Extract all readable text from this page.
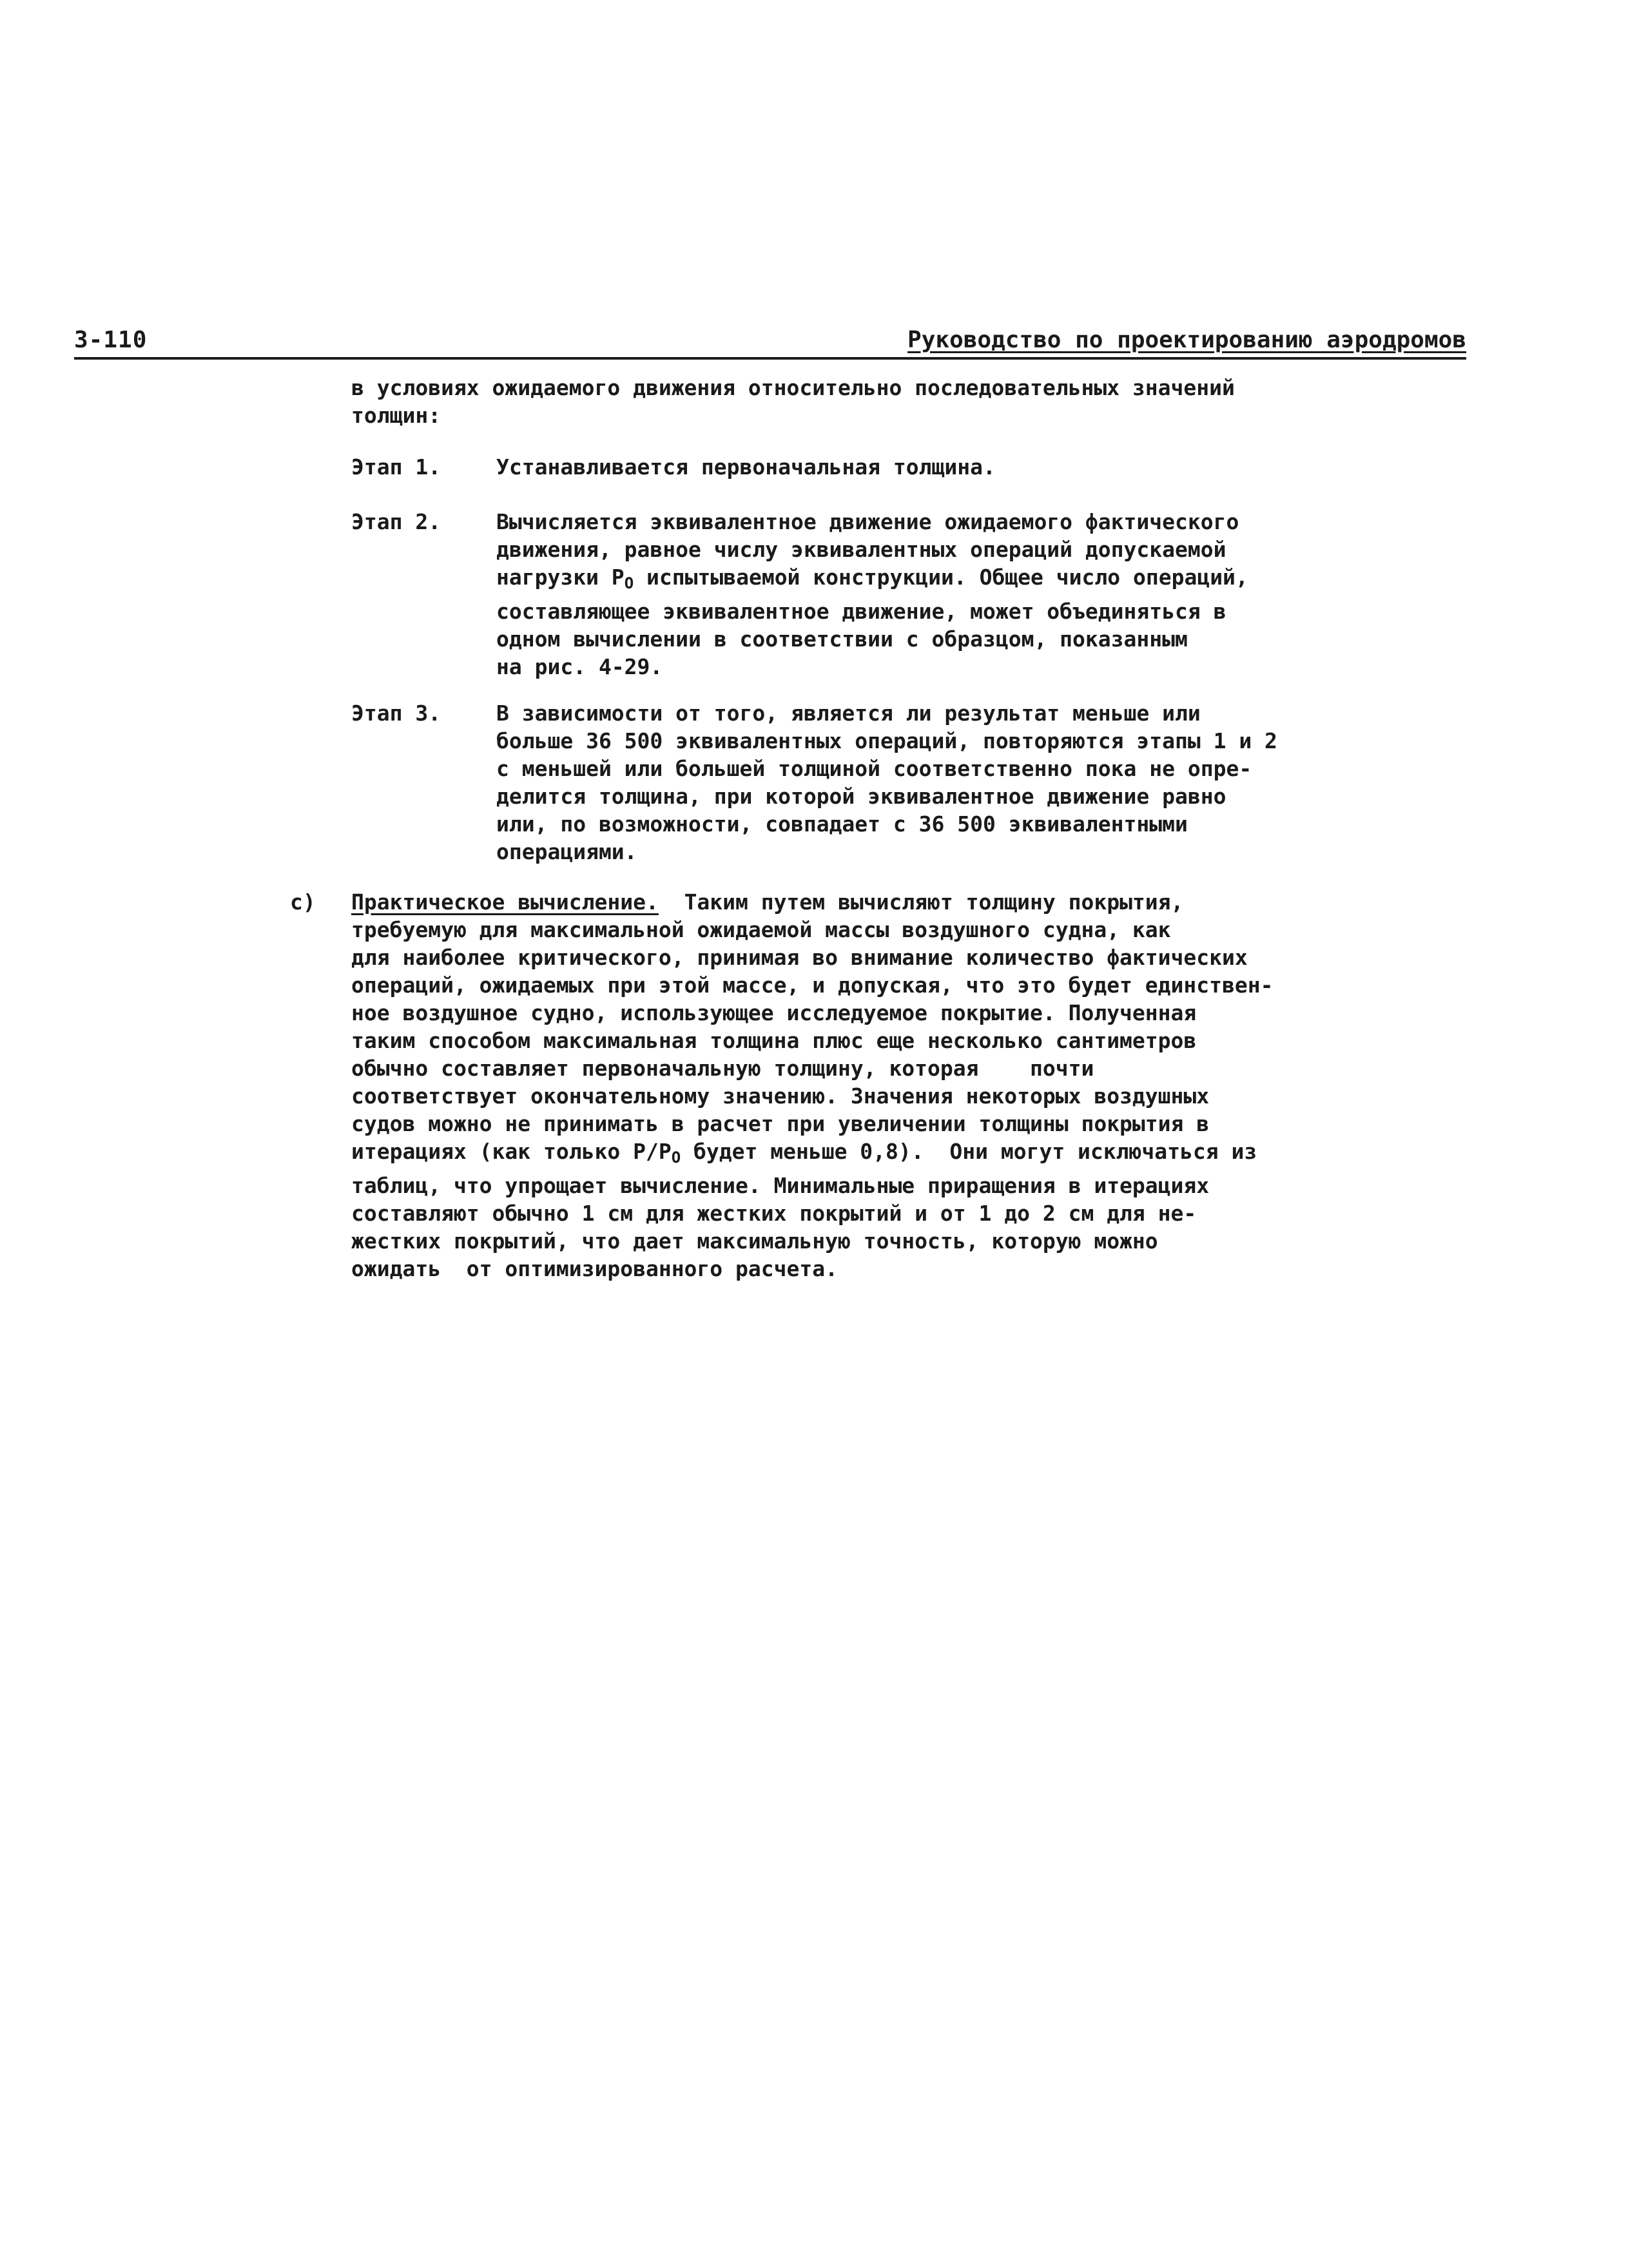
3-110	Руководство по проектированию аэродромов
в условиях ожидаемого движения относительно последовательных значений
толщин:
Этап 1.	Устанавливается первоначальная толщина.
Этап 2.	Вычисляется эквивалентное движение ожидаемого фактического
движения, равное числу эквивалентных операций допускаемой
нагрузки $P_O$ испытываемой конструкции. Общее число операций,
составляющее эквивалентное движение, может объединяться в
одном вычислении в соответствии с образцом, показанным
на рис. 4-29.
Этап 3.	В зависимости от того, является ли результат меньше или
больше 36 500 эквивалентных операций, повторяются этапы 1 и 2
с меньшей или большей толщиной соответственно пока не опре-
делится толщина, при которой эквивалентное движение равно
или, по возможности, совпадает с 36 500 эквивалентными
операциями.
с) Практическое вычисление.  Таким путем вычисляют толщину покрытия,
требуемую для максимальной ожидаемой массы воздушного судна, как
для наиболее критического, принимая во внимание количество фактических
операций, ожидаемых при этой массе, и допуская, что это будет единствен-
ное воздушное судно, использующее исследуемое покрытие. Полученная
таким способом максимальная толщина плюс еще несколько сантиметров
обычно составляет первоначальную толщину, которая    почти
соответствует окончательному значению. Значения некоторых воздушных
судов можно не принимать в расчет при увеличении толщины покрытия в
итерациях (как только $P/P_O$ будет меньше 0,8).  Они могут исключаться из
таблиц, что упрощает вычисление. Минимальные приращения в итерациях
составляют обычно 1 см для жестких покрытий и от 1 до 2 см для не-
жестких покрытий, что дает максимальную точность, которую можно
ожидать  от оптимизированного расчета.
